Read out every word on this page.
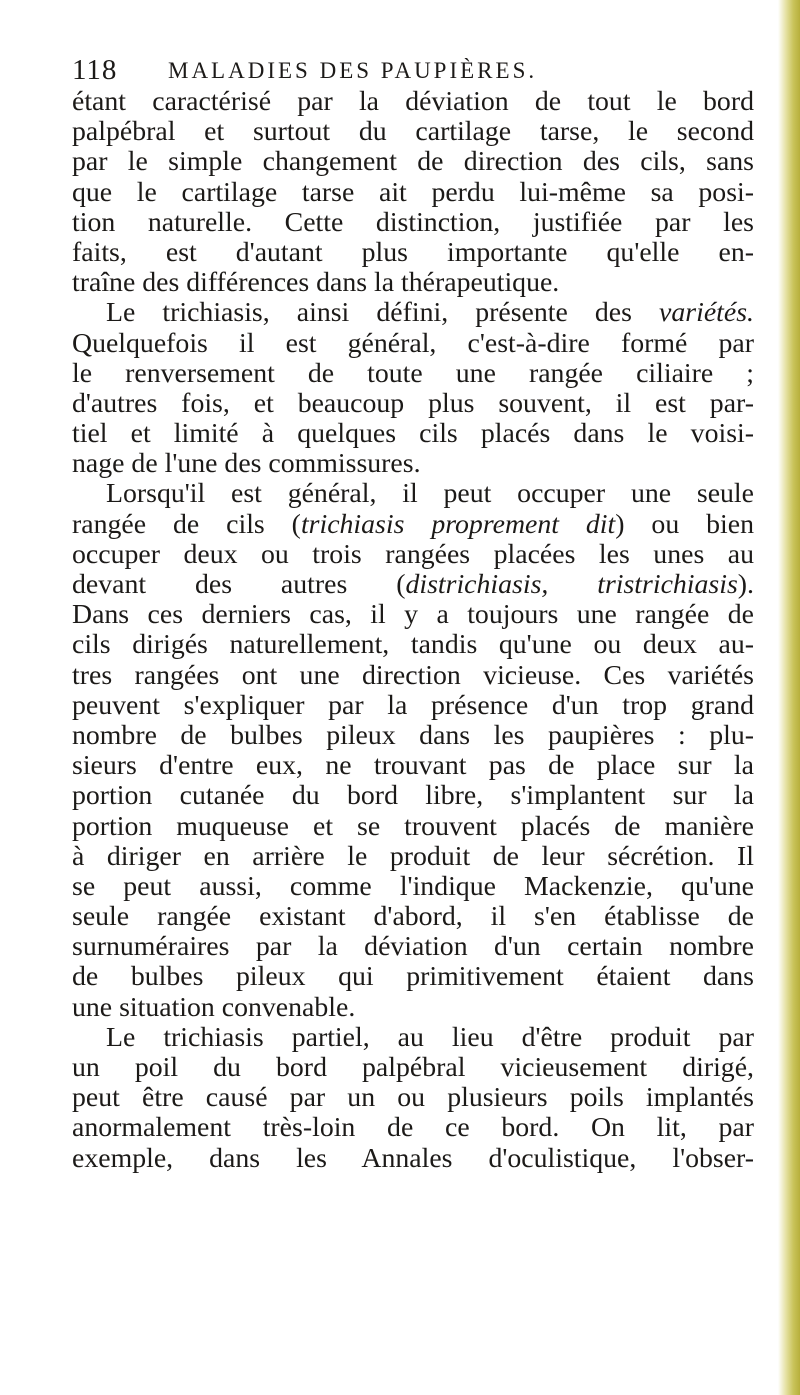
118 MALADIES DES PAUPIÈRES.
étant caractérisé par la déviation de tout le bord
palpébral et surtout du cartilage tarse, le second
par le simple changement de direction des cils, sans
que le cartilage tarse ait perdu lui-même sa posi-
tion naturelle. Cette distinction, justifiée par les
faits, est d'autant plus importante qu'elle en-
traîne des différences dans la thérapeutique.
Le trichiasis, ainsi défini, présente des variétés.
Quelquefois il est général, c'est-à-dire formé par
le renversement de toute une rangée ciliaire ;
d'autres fois, et beaucoup plus souvent, il est par-
tiel et limité à quelques cils placés dans le voisi-
nage de l'une des commissures.
Lorsqu'il est général, il peut occuper une seule
rangée de cils (trichiasis proprement dit) ou bien
occuper deux ou trois rangées placées les unes au
devant des autres (districhiasis, tristrichiasis).
Dans ces derniers cas, il y a toujours une rangée de
cils dirigés naturellement, tandis qu'une ou deux au-
tres rangées ont une direction vicieuse. Ces variétés
peuvent s'expliquer par la présence d'un trop grand
nombre de bulbes pileux dans les paupières : plu-
sieurs d'entre eux, ne trouvant pas de place sur la
portion cutanée du bord libre, s'implantent sur la
portion muqueuse et se trouvent placés de manière
à diriger en arrière le produit de leur sécrétion. Il
se peut aussi, comme l'indique Mackenzie, qu'une
seule rangée existant d'abord, il s'en établisse de
surnuméraires par la déviation d'un certain nombre
de bulbes pileux qui primitivement étaient dans
une situation convenable.
Le trichiasis partiel, au lieu d'être produit par
un poil du bord palpébral vicieusement dirigé,
peut être causé par un ou plusieurs poils implantés
anormalement très-loin de ce bord. On lit, par
exemple, dans les Annales d'oculistique, l'obser-
